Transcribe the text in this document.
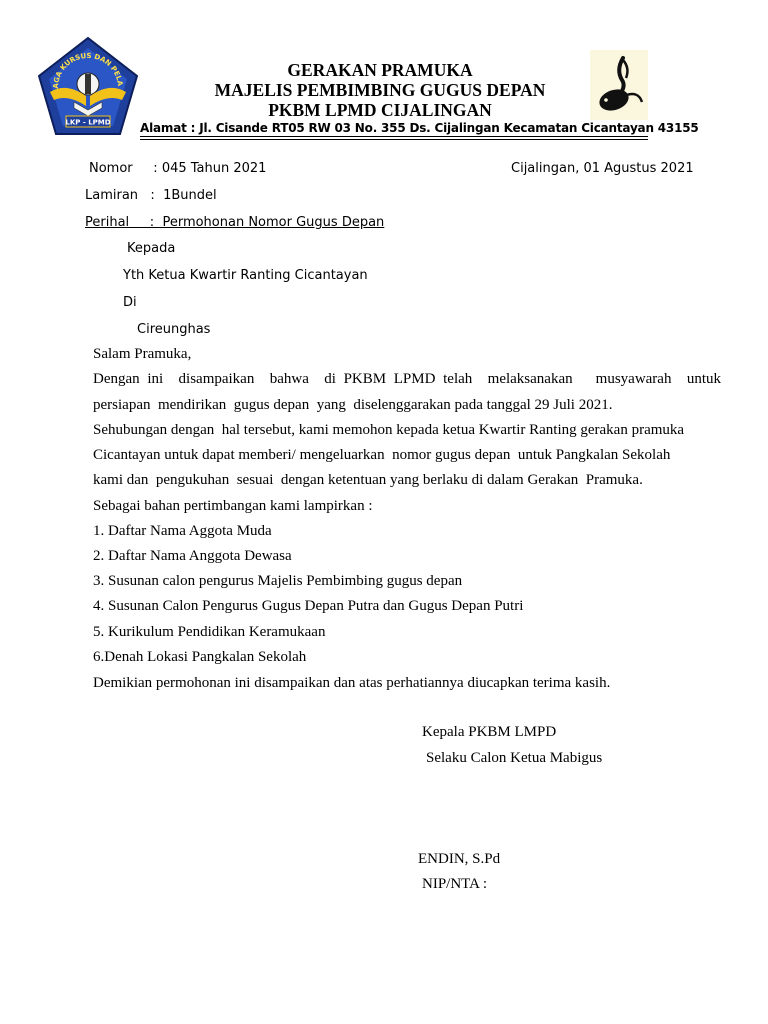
AGA KURSUS DAN PELA
LKP - LPMD
GERAKAN PRAMUKA
MAJELIS PEMBIMBING GUGUS DEPAN
PKBM LPMD CIJALINGAN
Alamat : Jl. Cisande RT05 RW 03 No. 355 Ds. Cijalingan Kecamatan Cicantayan 43155
Nomor     : 045 Tahun 2021	Cijalingan, 01 Agustus 2021
Lamiran   :  1Bundel
Perihal     :  Permohonan Nomor Gugus Depan
Kepada
Yth Ketua Kwartir Ranting Cicantayan
Di
Cireunghas
Salam Pramuka,
Dengan ini  disampaikan  bahwa  di PKBM LPMD telah  melaksanakan   musyawarah  untuk
persiapan  mendirikan  gugus depan  yang  diselenggarakan pada tanggal 29 Juli 2021.
Sehubungan dengan  hal tersebut, kami memohon kepada ketua Kwartir Ranting gerakan pramuka
Cicantayan untuk dapat memberi/ mengeluarkan  nomor gugus depan  untuk Pangkalan Sekolah
kami dan  pengukuhan  sesuai  dengan ketentuan yang berlaku di dalam Gerakan  Pramuka.
Sebagai bahan pertimbangan kami lampirkan :
1. Daftar Nama Aggota Muda
2. Daftar Nama Anggota Dewasa
3. Susunan calon pengurus Majelis Pembimbing gugus depan
4. Susunan Calon Pengurus Gugus Depan Putra dan Gugus Depan Putri
5. Kurikulum Pendidikan Keramukaan
6.Denah Lokasi Pangkalan Sekolah
Demikian permohonan ini disampaikan dan atas perhatiannya diucapkan terima kasih.
Kepala PKBM LMPD
Selaku Calon Ketua Mabigus
ENDIN, S.Pd
NIP/NTA :
